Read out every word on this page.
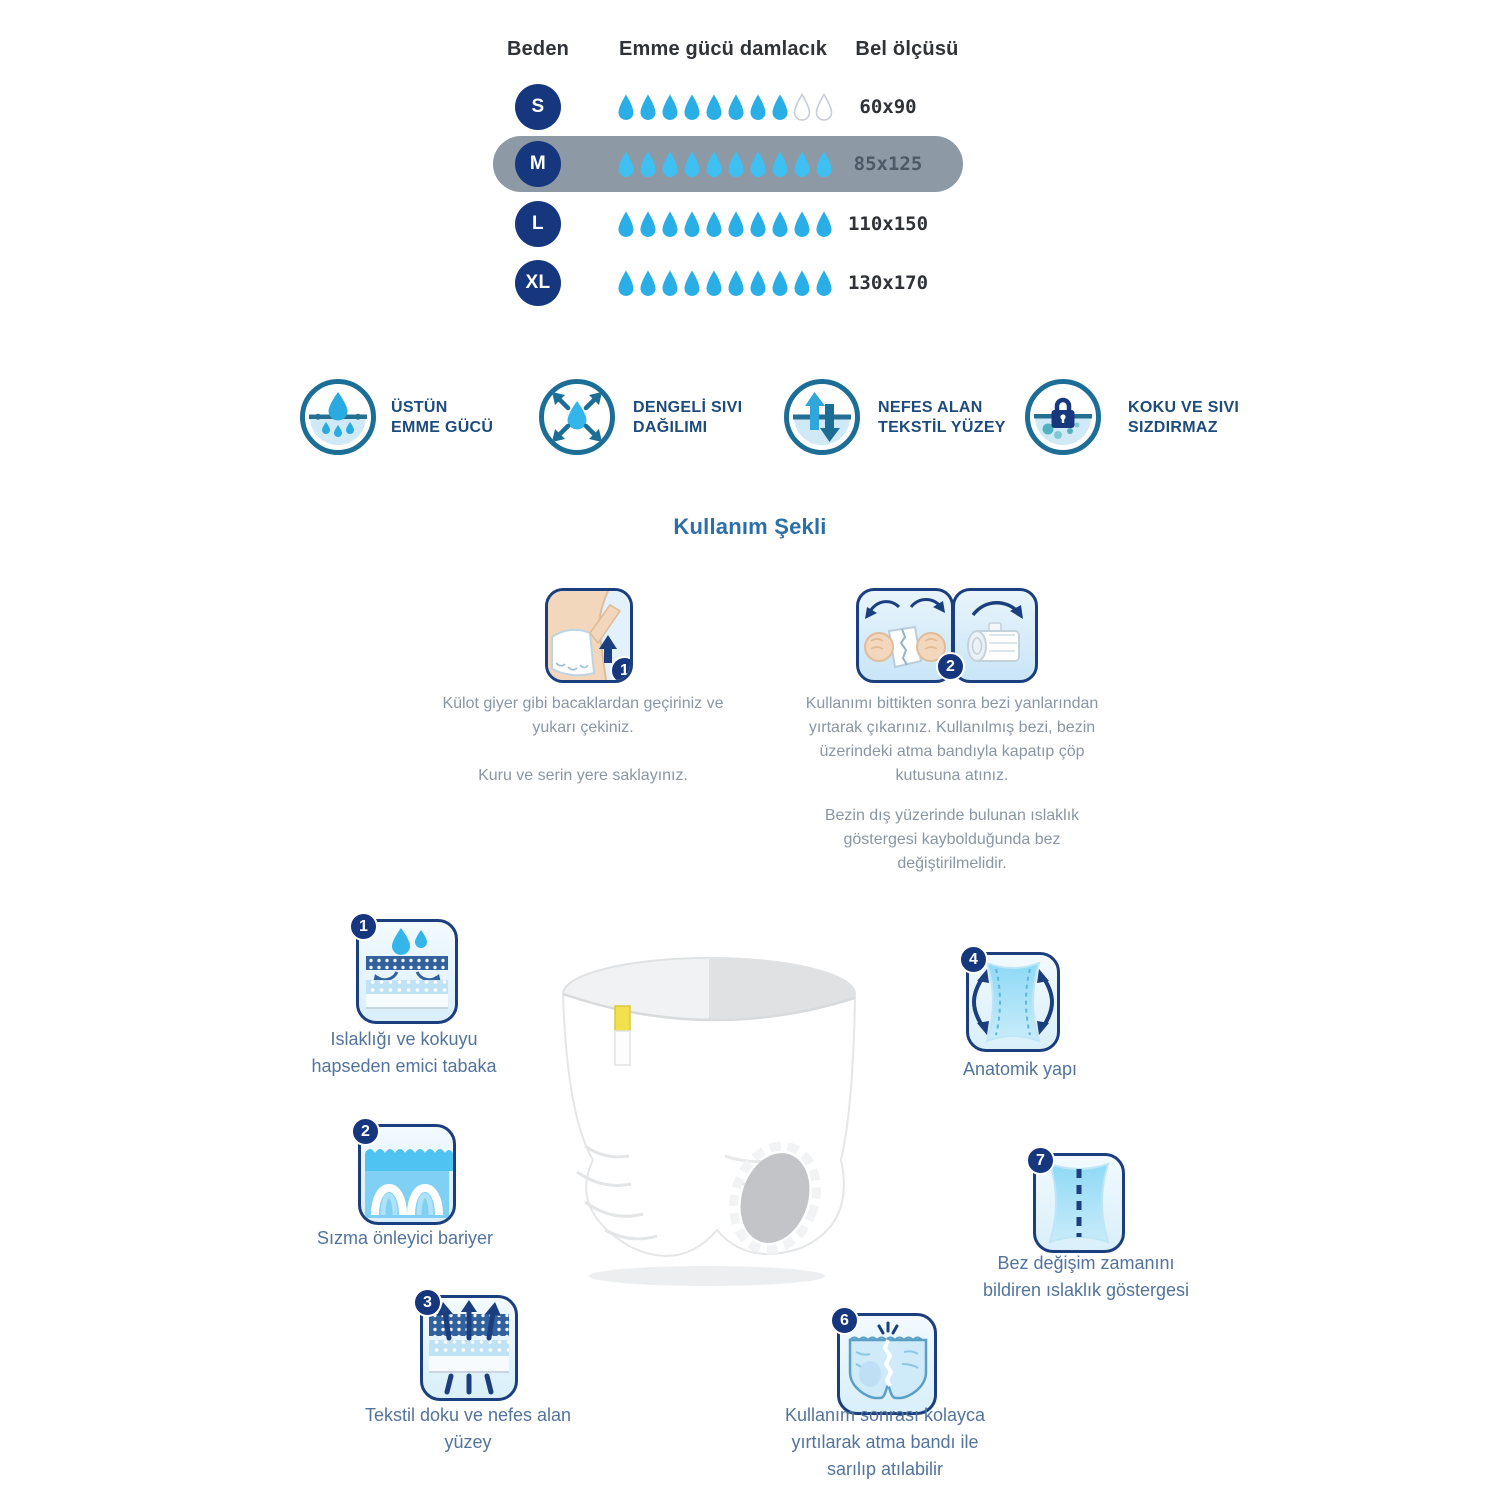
Beden	Emme gücü damlacık	Bel ölçüsü
S	60x90
M	85x125
L	110x150
XL	130x170
ÜSTÜN
EMME GÜCÜ
DENGELİ SIVI
DAĞILIMI
NEFES ALAN
TEKSTİL YÜZEY
KOKU VE SIVI
SIZDIRMAZ
Kullanım Şekli
1	2

Külot giyer gibi bacaklardan geçiriniz ve yukarı çekiniz.

Kuru ve serin yere saklayınız.

Kullanımı bittikten sonra bezi yanlarından yırtarak çıkarınız. Kullanılmış bezi, bezin üzerindeki atma bandıyla kapatıp çöp kutusuna atınız.

Bezin dış yüzerinde bulunan ıslaklık göstergesi kaybolduğunda bez değiştirilmelidir.

1
Islaklığı ve kokuyu
hapseden emici tabaka
2
Sızma önleyici bariyer
3
Tekstil doku ve nefes alan
yüzey
4
Anatomik yapı
7
Bez değişim zamanını
bildiren ıslaklık göstergesi
6
Kullanım sonrası kolayca
yırtılarak atma bandı ile
sarılıp atılabilir
